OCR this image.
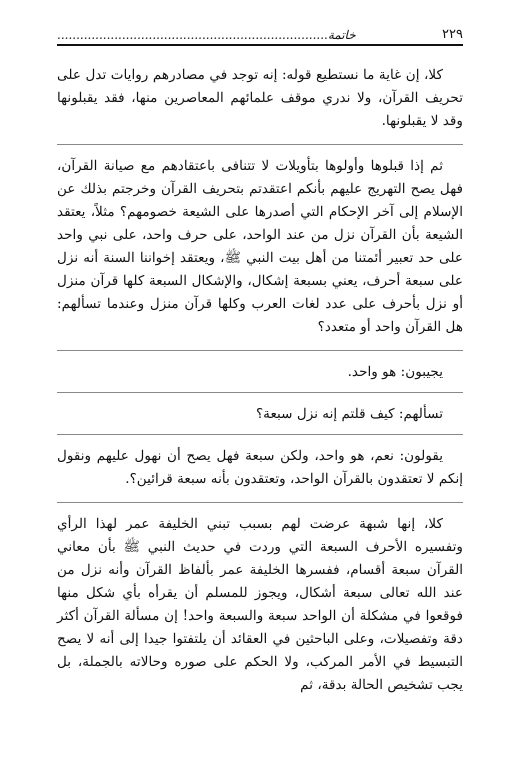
٢٢٩
خاتمة.......................................................................

كلا، إن غاية ما نستطيع قوله: إنه توجد في مصادرهم روايات تدل على تحريف القرآن، ولا ندري موقف علمائهم المعاصرين منها، فقد يقبلونها وقد لا يقبلونها.

ثم إذا قبلوها وأولوها بتأويلات لا تتنافى باعتقادهم مع صيانة القرآن، فهل يصح التهريج عليهم بأنكم اعتقدتم بتحريف القرآن وخرجتم بذلك عن الإسلام إلى آخر الإحكام التي أصدرها على الشيعة خصومهم؟ مثلاً، يعتقد الشيعة بأن القرآن نزل من عند الواحد، على حرف واحد، على نبي واحد على حد تعبير أئمتنا من أهل بيت النبي ﷺ، ويعتقد إخواننا السنة أنه نزل على سبعة أحرف، يعني بسبعة إشكال، والإشكال السبعة كلها قرآن منزل أو نزل بأحرف على عدد لغات العرب وكلها قرآن منزل وعندما تسألهم: هل القرآن واحد أو متعدد؟

يجيبون: هو واحد.

تسألهم: كيف قلتم إنه نزل سبعة؟

يقولون: نعم، هو واحد، ولكن سبعة فهل يصح أن نهول عليهم ونقول إنكم لا تعتقدون بالقرآن الواحد، وتعتقدون بأنه سبعة قرائين؟.

كلا، إنها شبهة عرضت لهم بسبب تبني الخليفة عمر لهذا الرأي وتفسيره الأحرف السبعة التي وردت في حديث النبي ﷺ بأن معاني القرآن سبعة أقسام، ففسرها الخليفة عمر بألفاظ القرآن وأنه نزل من عند الله تعالى سبعة أشكال، ويجوز للمسلم أن يقرأه بأي شكل منها فوقعوا في مشكلة أن الواحد سبعة والسبعة واحد! إن مسألة القرآن أكثر دقة وتفصيلات، وعلى الباحثين في العقائد أن يلتفتوا جيدا إلى أنه لا يصح التبسيط في الأمر المركب، ولا الحكم على صوره وحالاته بالجملة، بل يجب تشخيص الحالة بدقة، ثم
